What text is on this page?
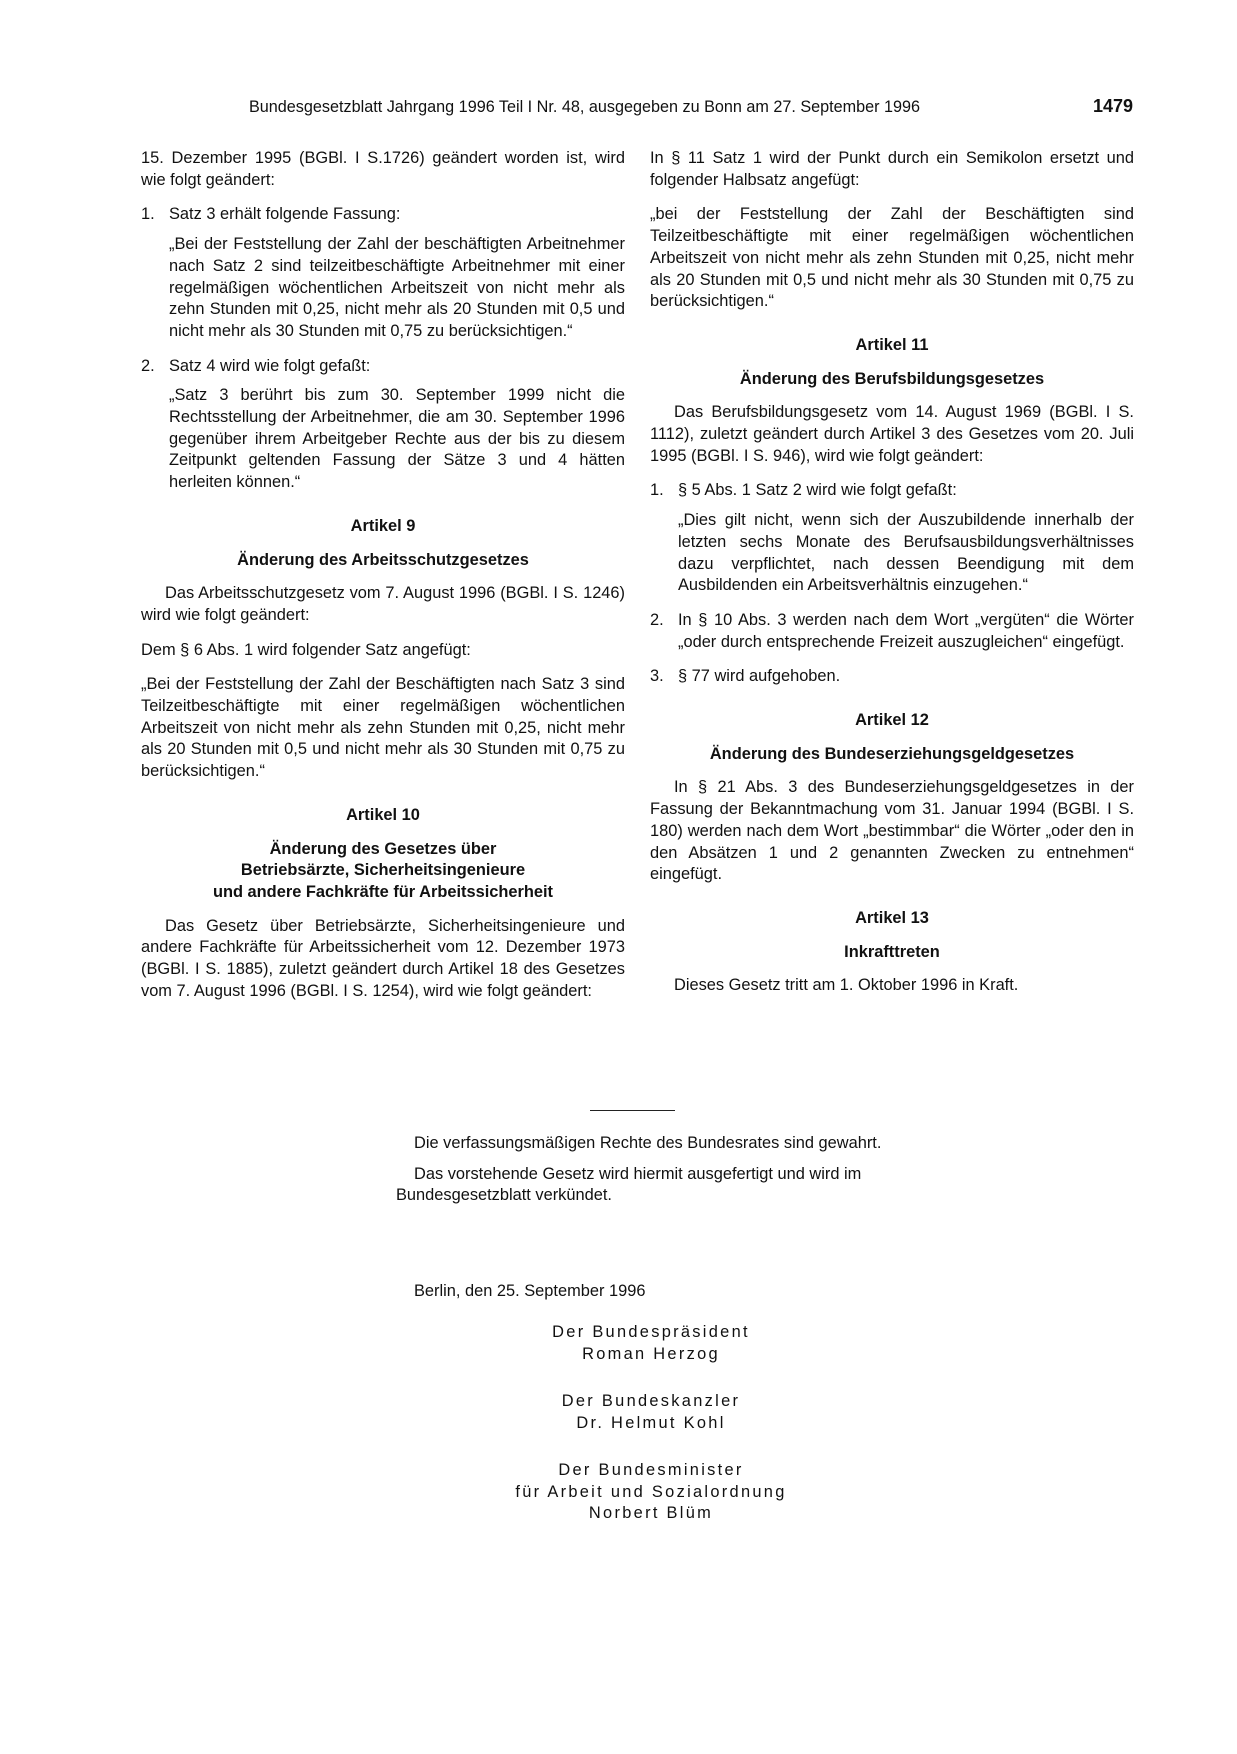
Bundesgesetzblatt Jahrgang 1996 Teil I Nr. 48, ausgegeben zu Bonn am 27. September 1996	1479

15. Dezember 1995 (BGBl. I S.1726) geändert worden ist, wird wie folgt geändert:

1. Satz 3 erhält folgende Fassung:

„Bei der Feststellung der Zahl der beschäftigten Arbeitnehmer nach Satz 2 sind teilzeitbeschäftigte Arbeitnehmer mit einer regelmäßigen wöchentlichen Arbeitszeit von nicht mehr als zehn Stunden mit 0,25, nicht mehr als 20 Stunden mit 0,5 und nicht mehr als 30 Stunden mit 0,75 zu berücksichtigen.“

2. Satz 4 wird wie folgt gefaßt:

„Satz 3 berührt bis zum 30. September 1999 nicht die Rechtsstellung der Arbeitnehmer, die am 30. September 1996 gegenüber ihrem Arbeitgeber Rechte aus der bis zu diesem Zeitpunkt geltenden Fassung der Sätze 3 und 4 hätten herleiten können.“

Artikel 9
Änderung des Arbeitsschutzgesetzes

Das Arbeitsschutzgesetz vom 7. August 1996 (BGBl. I S. 1246) wird wie folgt geändert:

Dem § 6 Abs. 1 wird folgender Satz angefügt:

„Bei der Feststellung der Zahl der Beschäftigten nach Satz 3 sind Teilzeitbeschäftigte mit einer regelmäßigen wöchentlichen Arbeitszeit von nicht mehr als zehn Stunden mit 0,25, nicht mehr als 20 Stunden mit 0,5 und nicht mehr als 30 Stunden mit 0,75 zu berücksichtigen.“

Artikel 10
Änderung des Gesetzes über
Betriebsärzte, Sicherheitsingenieure
und andere Fachkräfte für Arbeitssicherheit

Das Gesetz über Betriebsärzte, Sicherheitsingenieure und andere Fachkräfte für Arbeitssicherheit vom 12. Dezember 1973 (BGBl. I S. 1885), zuletzt geändert durch Artikel 18 des Gesetzes vom 7. August 1996 (BGBl. I S. 1254), wird wie folgt geändert:

In § 11 Satz 1 wird der Punkt durch ein Semikolon ersetzt und folgender Halbsatz angefügt:

„bei der Feststellung der Zahl der Beschäftigten sind Teilzeitbeschäftigte mit einer regelmäßigen wöchentlichen Arbeitszeit von nicht mehr als zehn Stunden mit 0,25, nicht mehr als 20 Stunden mit 0,5 und nicht mehr als 30 Stunden mit 0,75 zu berücksichtigen.“

Artikel 11
Änderung des Berufsbildungsgesetzes

Das Berufsbildungsgesetz vom 14. August 1969 (BGBl. I S. 1112), zuletzt geändert durch Artikel 3 des Gesetzes vom 20. Juli 1995 (BGBl. I S. 946), wird wie folgt geändert:

1. § 5 Abs. 1 Satz 2 wird wie folgt gefaßt:

„Dies gilt nicht, wenn sich der Auszubildende innerhalb der letzten sechs Monate des Berufsausbildungsverhältnisses dazu verpflichtet, nach dessen Beendigung mit dem Ausbildenden ein Arbeitsverhältnis einzugehen.“

2. In § 10 Abs. 3 werden nach dem Wort „vergüten“ die Wörter „oder durch entsprechende Freizeit auszugleichen“ eingefügt.

3. § 77 wird aufgehoben.

Artikel 12
Änderung des Bundeserziehungsgeldgesetzes

In § 21 Abs. 3 des Bundeserziehungsgeldgesetzes in der Fassung der Bekanntmachung vom 31. Januar 1994 (BGBl. I S. 180) werden nach dem Wort „bestimmbar“ die Wörter „oder den in den Absätzen 1 und 2 genannten Zwecken zu entnehmen“ eingefügt.

Artikel 13
Inkrafttreten

Dieses Gesetz tritt am 1. Oktober 1996 in Kraft.

Die verfassungsmäßigen Rechte des Bundesrates sind gewahrt.

Das vorstehende Gesetz wird hiermit ausgefertigt und wird im Bundesgesetzblatt verkündet.

Berlin, den 25. September 1996
Der Bundespräsident
Roman Herzog
Der Bundeskanzler
Dr. Helmut Kohl
Der Bundesminister
für Arbeit und Sozialordnung
Norbert Blüm
